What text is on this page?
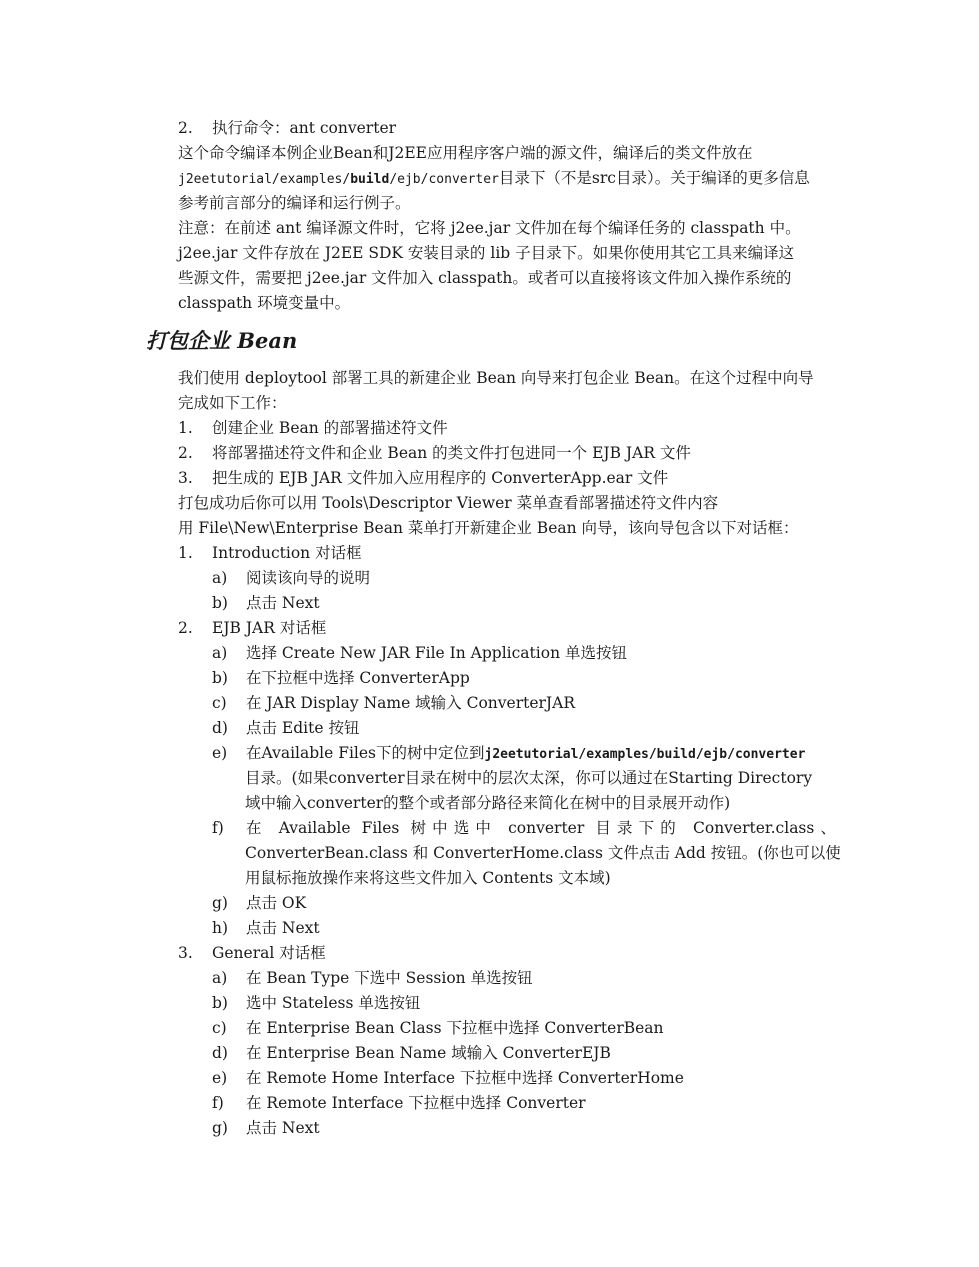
2. 执行命令：ant converter
这个命令编译本例企业Bean和J2EE应用程序客户端的源文件，编译后的类文件放在
j2eetutorial/examples/build/ejb/converter目录下（不是src目录）。关于编译的更多信息
参考前言部分的编译和运行例子。
注意：在前述 ant 编译源文件时，它将 j2ee.jar 文件加在每个编译任务的 classpath 中。
j2ee.jar 文件存放在 J2EE SDK 安装目录的 lib 子目录下。如果你使用其它工具来编译这
些源文件，需要把 j2ee.jar 文件加入 classpath。或者可以直接将该文件加入操作系统的
classpath 环境变量中。
打包企业 Bean
我们使用 deploytool 部署工具的新建企业 Bean 向导来打包企业 Bean。在这个过程中向导
完成如下工作：
1. 创建企业 Bean 的部署描述符文件
2. 将部署描述符文件和企业 Bean 的类文件打包进同一个 EJB JAR 文件
3. 把生成的 EJB JAR 文件加入应用程序的 ConverterApp.ear 文件
打包成功后你可以用 Tools\Descriptor Viewer 菜单查看部署描述符文件内容
用 File\New\Enterprise Bean 菜单打开新建企业 Bean 向导，该向导包含以下对话框：
1. Introduction 对话框
a) 阅读该向导的说明
b) 点击 Next
2. EJB JAR 对话框
a) 选择 Create New JAR File In Application 单选按钮
b) 在下拉框中选择 ConverterApp
c) 在 JAR Display Name 域输入 ConverterJAR
d) 点击 Edite 按钮
e) 在Available Files下的树中定位到j2eetutorial/examples/build/ejb/converter
目录。(如果converter目录在树中的层次太深，你可以通过在Starting Directory
域中输入converter的整个或者部分路径来简化在树中的目录展开动作)
f) 在 Available Files 树中选中 converter 目录下的 Converter.class、
ConverterBean.class 和 ConverterHome.class 文件点击 Add 按钮。(你也可以使
用鼠标拖放操作来将这些文件加入 Contents 文本域)
g) 点击 OK
h) 点击 Next
3. General 对话框
a) 在 Bean Type 下选中 Session 单选按钮
b) 选中 Stateless 单选按钮
c) 在 Enterprise Bean Class 下拉框中选择 ConverterBean
d) 在 Enterprise Bean Name 域输入 ConverterEJB
e) 在 Remote Home Interface 下拉框中选择 ConverterHome
f) 在 Remote Interface 下拉框中选择 Converter
g) 点击 Next
